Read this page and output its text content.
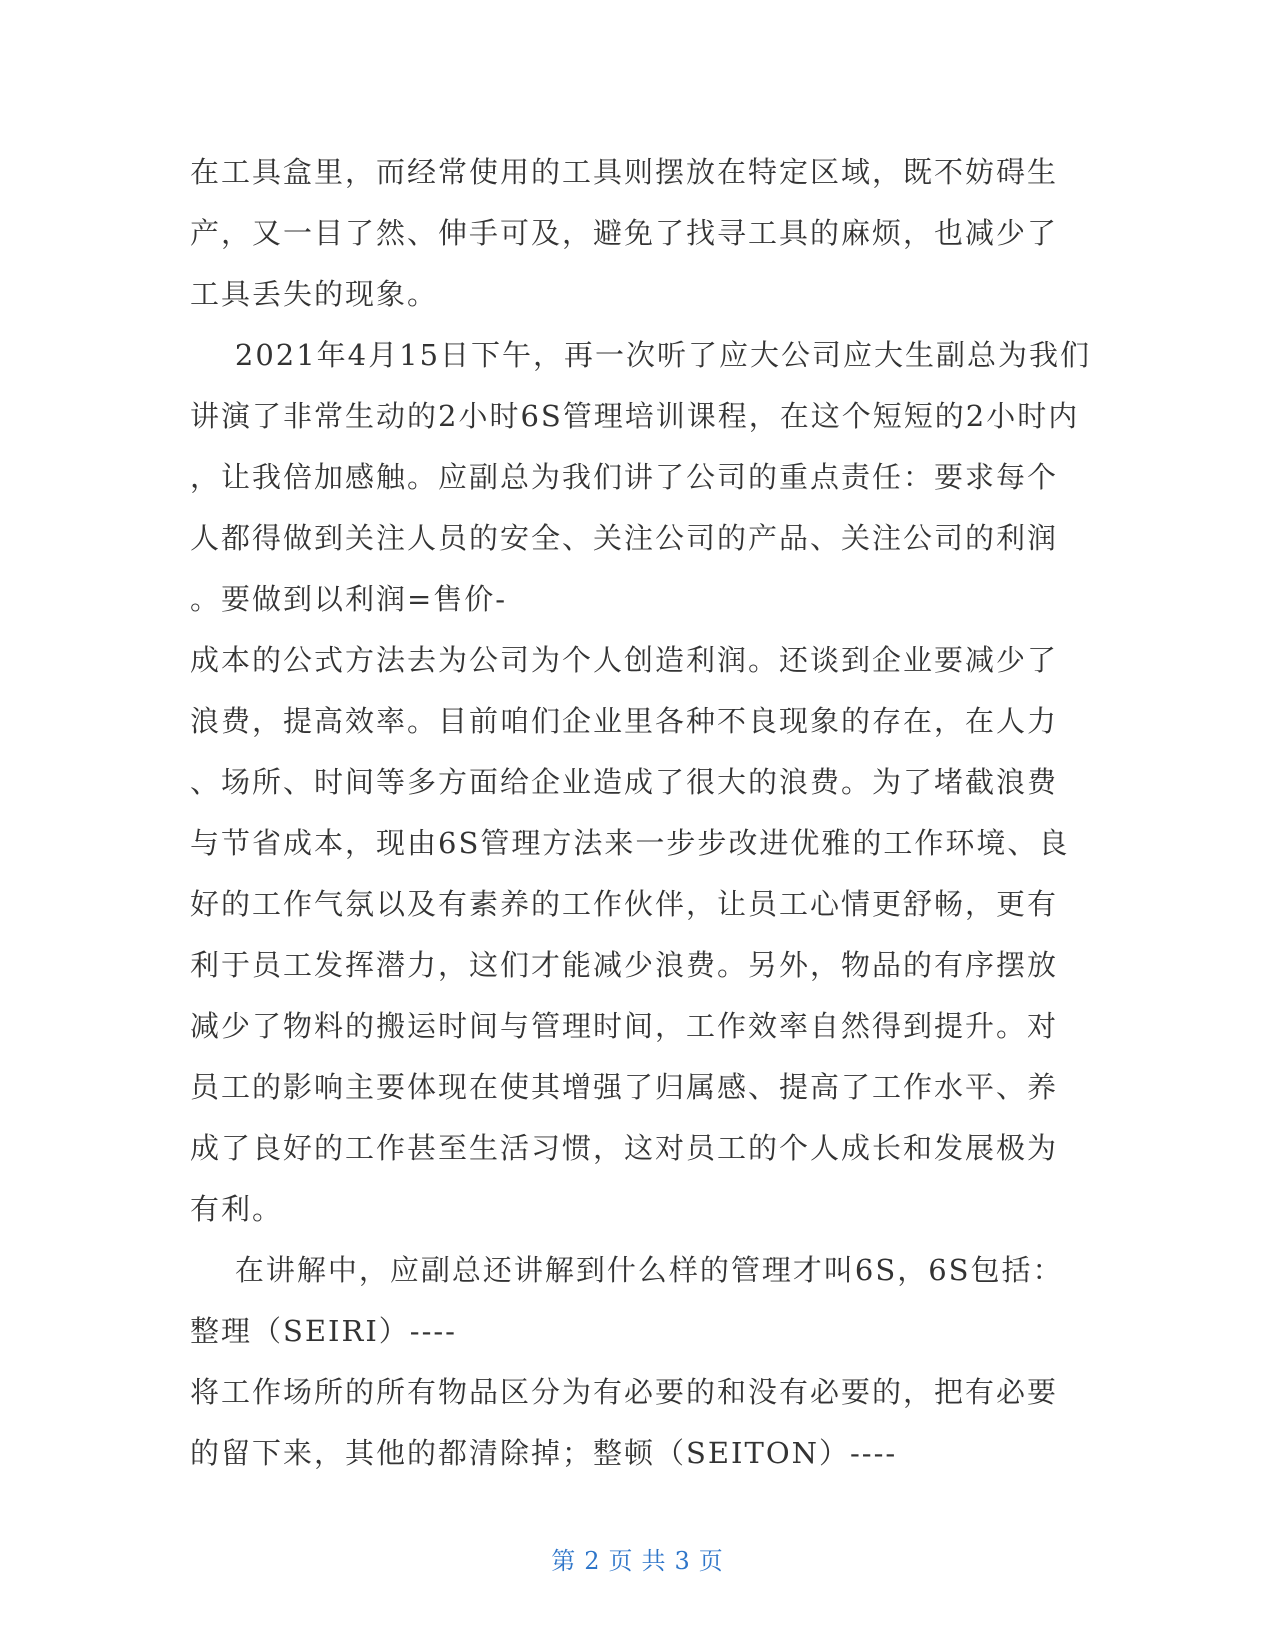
在工具盒里，而经常使用的工具则摆放在特定区域，既不妨碍生
产，又一目了然、伸手可及，避免了找寻工具的麻烦，也减少了
工具丢失的现象。
2021年4月15日下午，再一次听了应大公司应大生副总为我们
讲演了非常生动的2小时6S管理培训课程，在这个短短的2小时内
，让我倍加感触。应副总为我们讲了公司的重点责任：要求每个
人都得做到关注人员的安全、关注公司的产品、关注公司的利润
。要做到以利润=售价-
成本的公式方法去为公司为个人创造利润。还谈到企业要减少了
浪费，提高效率。目前咱们企业里各种不良现象的存在，在人力
、场所、时间等多方面给企业造成了很大的浪费。为了堵截浪费
与节省成本，现由6S管理方法来一步步改进优雅的工作环境、良
好的工作气氛以及有素养的工作伙伴，让员工心情更舒畅，更有
利于员工发挥潜力，这们才能减少浪费。另外，物品的有序摆放
减少了物料的搬运时间与管理时间，工作效率自然得到提升。对
员工的影响主要体现在使其增强了归属感、提高了工作水平、养
成了良好的工作甚至生活习惯，这对员工的个人成长和发展极为
有利。
在讲解中，应副总还讲解到什么样的管理才叫6S，6S包括：
整理（SEIRI）----
将工作场所的所有物品区分为有必要的和没有必要的，把有必要
的留下来，其他的都清除掉；整顿（SEITON）----
第 2 页 共 3 页
